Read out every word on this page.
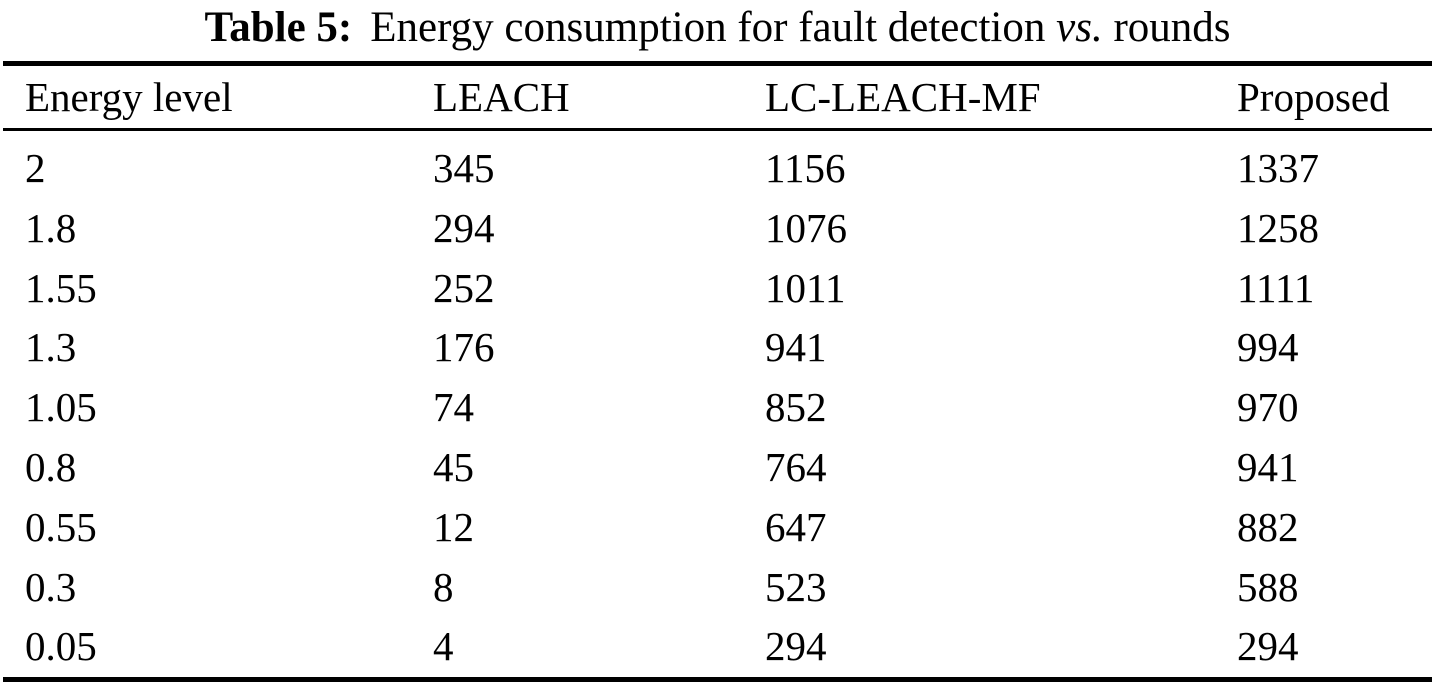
Table 5: Energy consumption for fault detection vs. rounds
Energy level	LEACH	LC-LEACH-MF	Proposed
2	345	1156	1337
1.8	294	1076	1258
1.55	252	1011	1111
1.3	176	941	994
1.05	74	852	970
0.8	45	764	941
0.55	12	647	882
0.3	8	523	588
0.05	4	294	294
